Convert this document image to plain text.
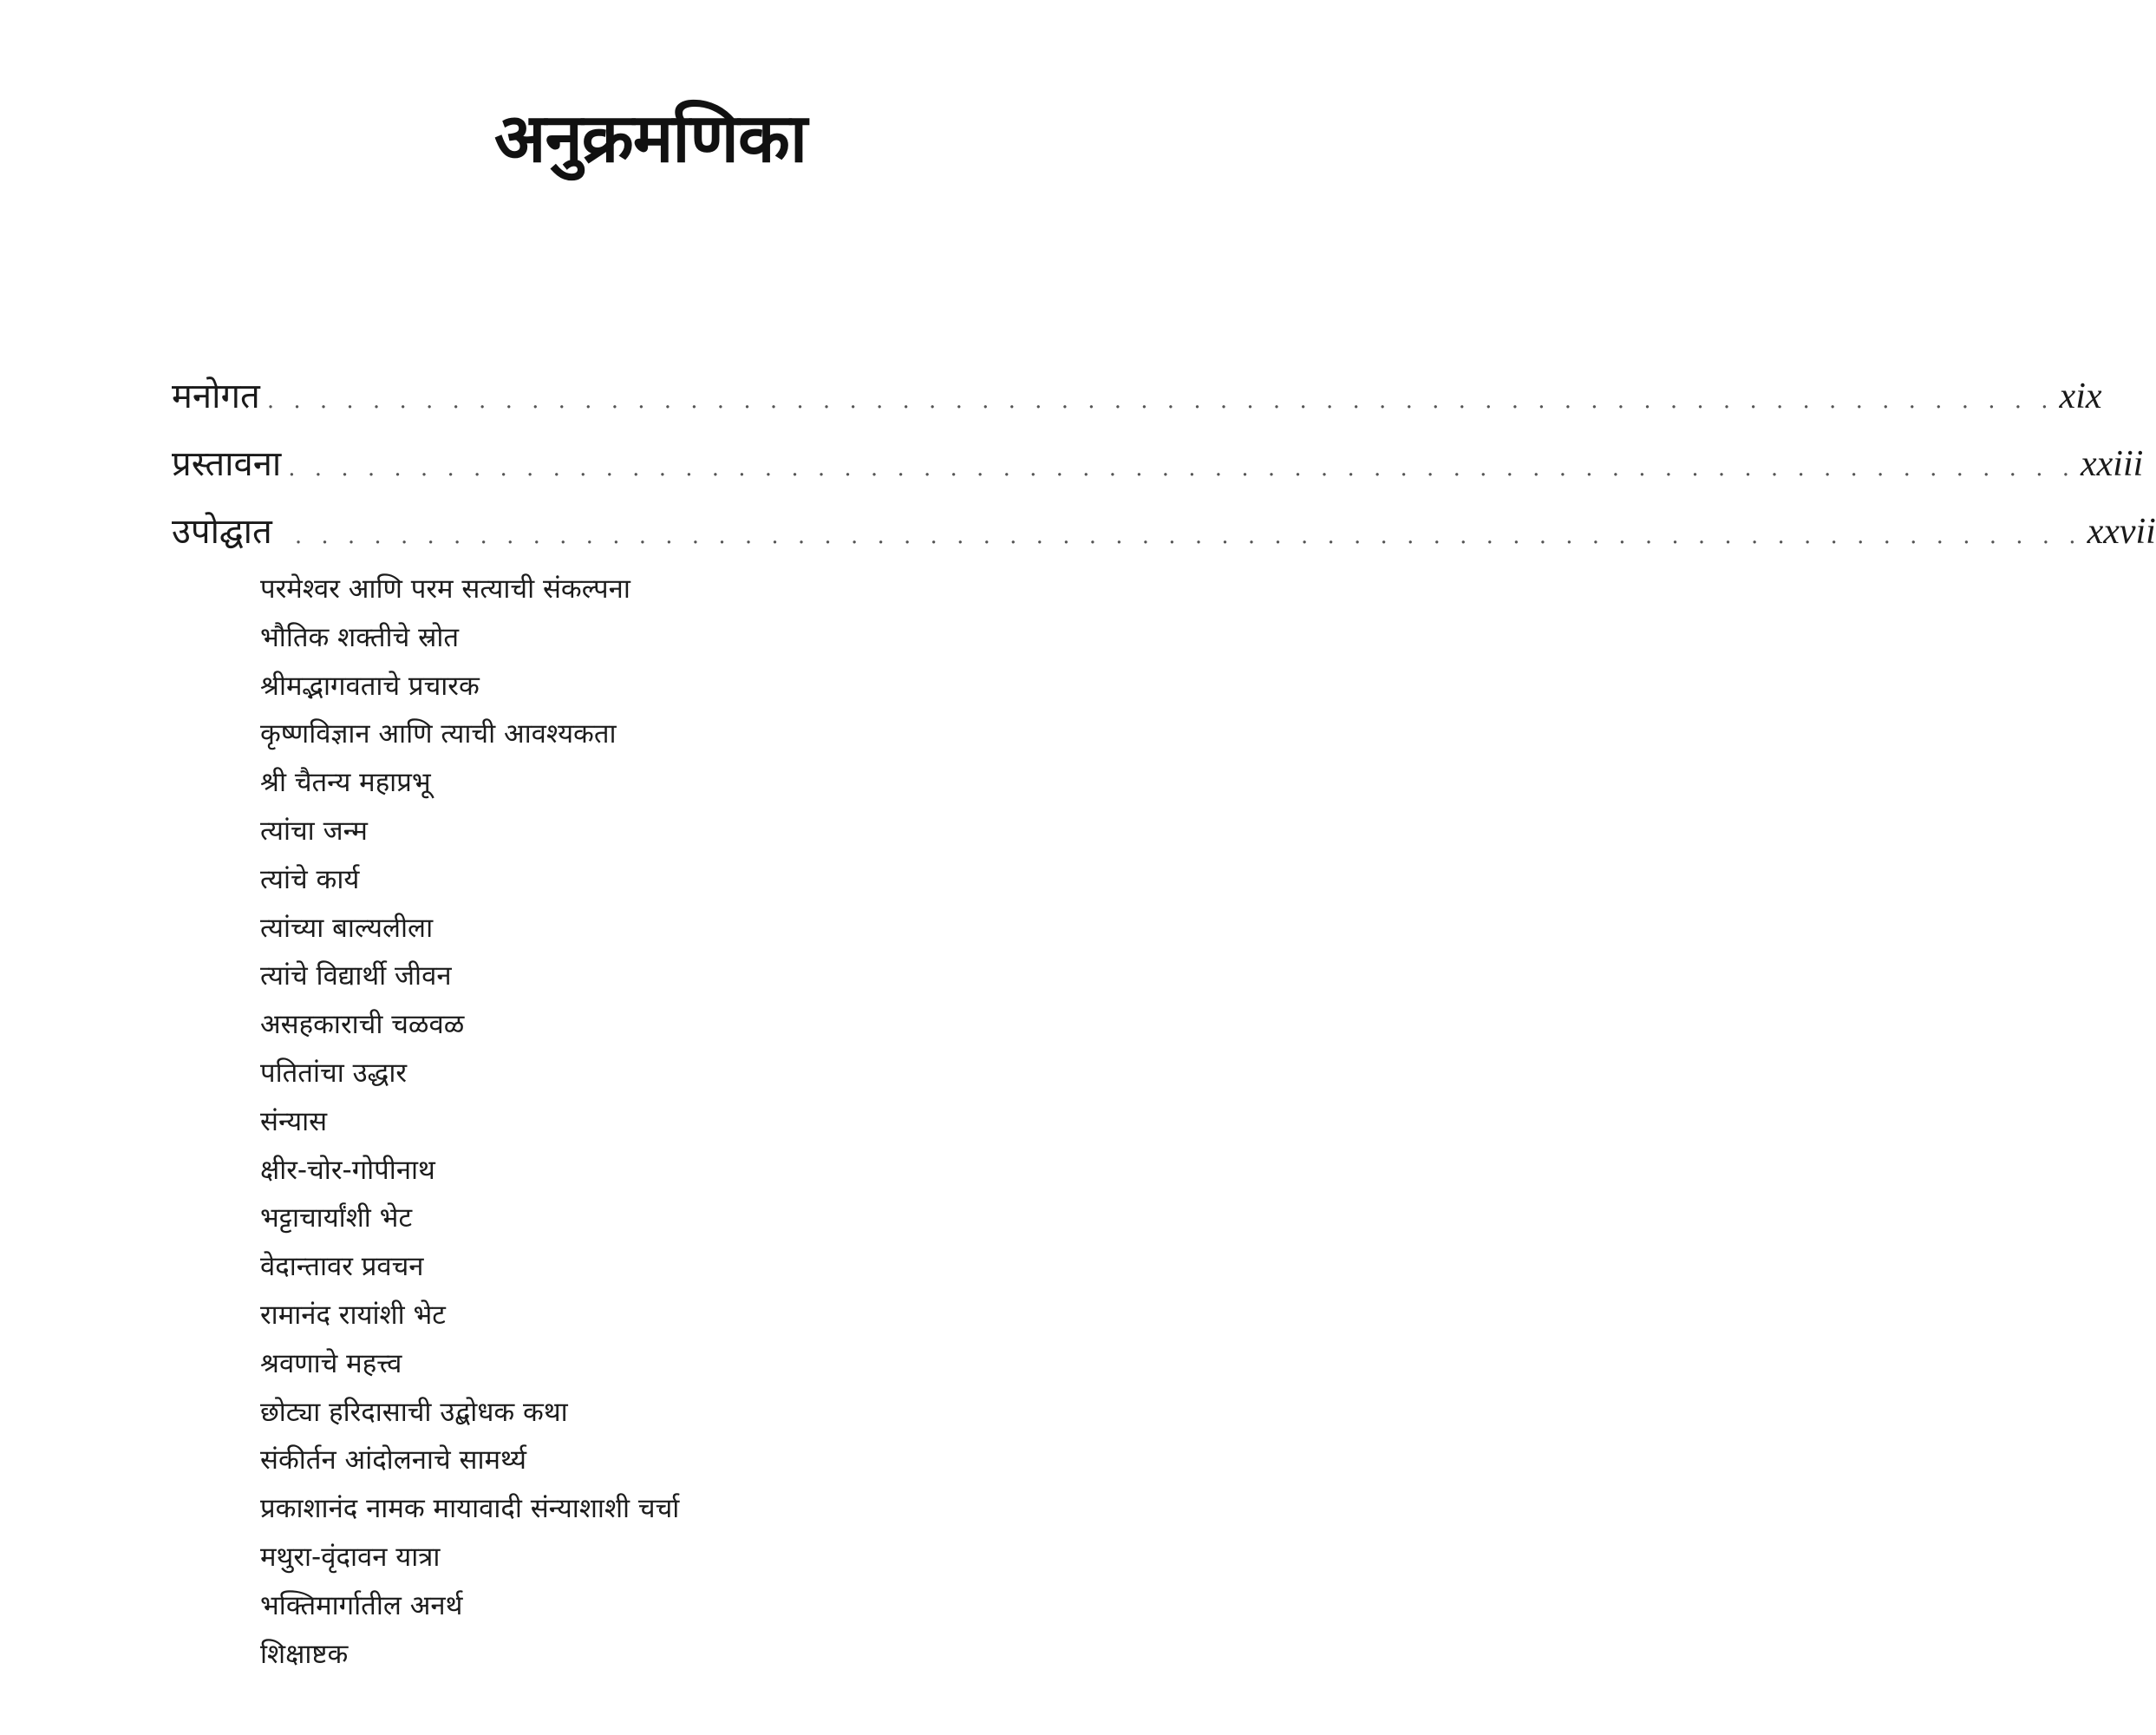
अनुक्रमणिका
मनोगत . . . . . . . . . . . . . . . . . . . . . . . . . . . . . . . . . . . . . . . . . . . . . . . . . . . . . . . . . . . . . . . . . . . . xix
प्रस्तावना . . . . . . . . . . . . . . . . . . . . . . . . . . . . . . . . . . . . . . . . . . . . . . . . . . . . . . . . . . . . . . . . . . . . xxiii
उपोद्घात . . . . . . . . . . . . . . . . . . . . . . . . . . . . . . . . . . . . . . . . . . . . . . . . . . . . . . . . . . . . . . . . . . . . xxvii
परमेश्वर आणि परम सत्याची संकल्पना
भौतिक शक्तीचे स्रोत
श्रीमद्भागवताचे प्रचारक
कृष्णविज्ञान आणि त्याची आवश्यकता
श्री चैतन्य महाप्रभू
त्यांचा जन्म
त्यांचे कार्य
त्यांच्या बाल्यलीला
त्यांचे विद्यार्थी जीवन
असहकाराची चळवळ
पतितांचा उद्धार
संन्यास
क्षीर-चोर-गोपीनाथ
भट्टाचार्यांशी भेट
वेदान्तावर प्रवचन
रामानंद रायांशी भेट
श्रवणाचे महत्त्व
छोट्या हरिदासाची उद्बोधक कथा
संकीर्तन आंदोलनाचे सामर्थ्य
प्रकाशानंद नामक मायावादी संन्याशाशी चर्चा
मथुरा-वृंदावन यात्रा
भक्तिमार्गातील अनर्थ
शिक्षाष्टक
